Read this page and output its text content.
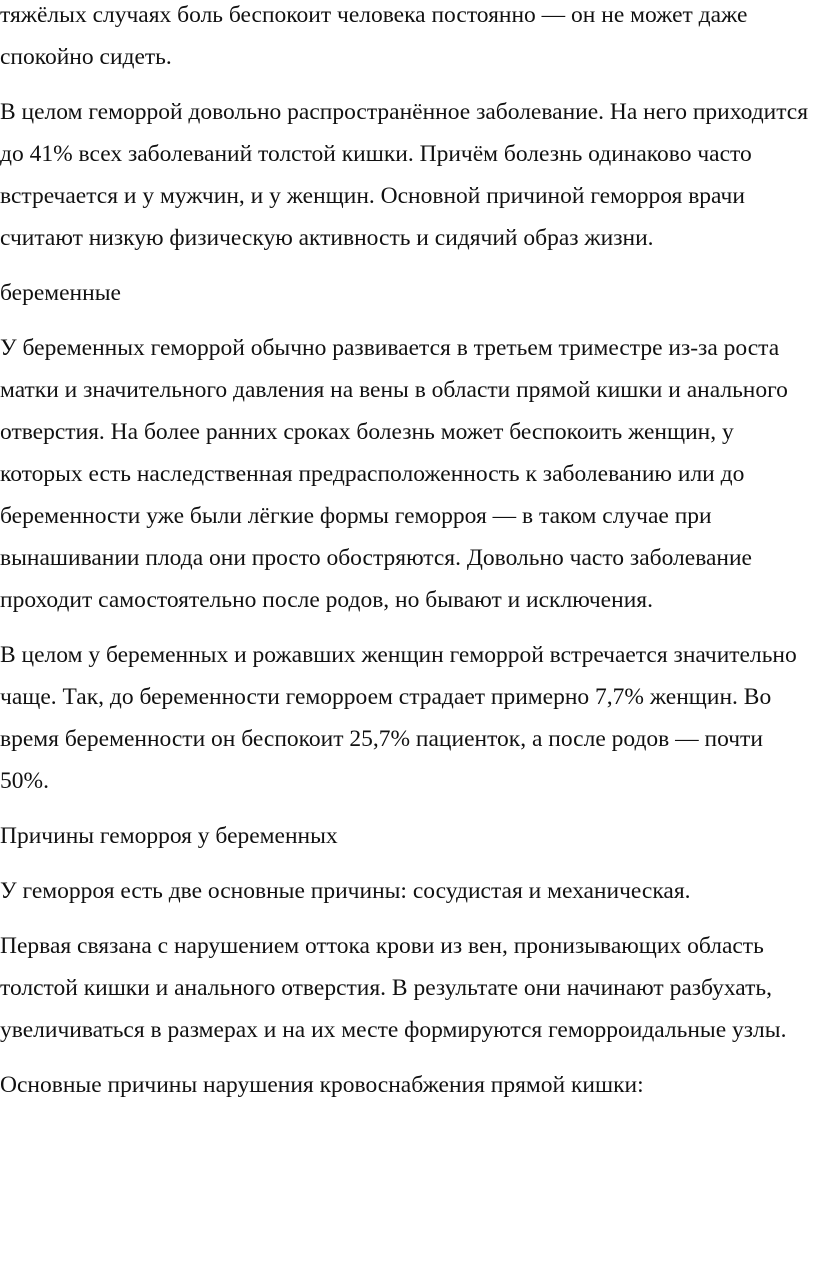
тяжёлых случаях боль беспокоит человека постоянно — он не может даже спокойно сидеть.

В целом геморрой довольно распространённое заболевание. На него приходится до 41% всех заболеваний толстой кишки. Причём болезнь одинаково часто встречается и у мужчин, и у женщин. Основной причиной геморроя врачи считают низкую физическую активность и сидячий образ жизни.

беременные

У беременных геморрой обычно развивается в третьем триместре из-за роста матки и значительного давления на вены в области прямой кишки и анального отверстия. На более ранних сроках болезнь может беспокоить женщин, у которых есть наследственная предрасположенность к заболеванию или до беременности уже были лёгкие формы геморроя — в таком случае при вынашивании плода они просто обостряются. Довольно часто заболевание проходит самостоятельно после родов, но бывают и исключения.

В целом у беременных и рожавших женщин геморрой встречается значительно чаще. Так, до беременности геморроем страдает примерно 7,7% женщин. Во время беременности он беспокоит 25,7% пациенток, а после родов — почти 50%.

Причины геморроя у беременных

У геморроя есть две основные причины: сосудистая и механическая.

Первая связана с нарушением оттока крови из вен, пронизывающих область толстой кишки и анального отверстия. В результате они начинают разбухать, увеличиваться в размерах и на их месте формируются геморроидальные узлы.

Основные причины нарушения кровоснабжения прямой кишки:
